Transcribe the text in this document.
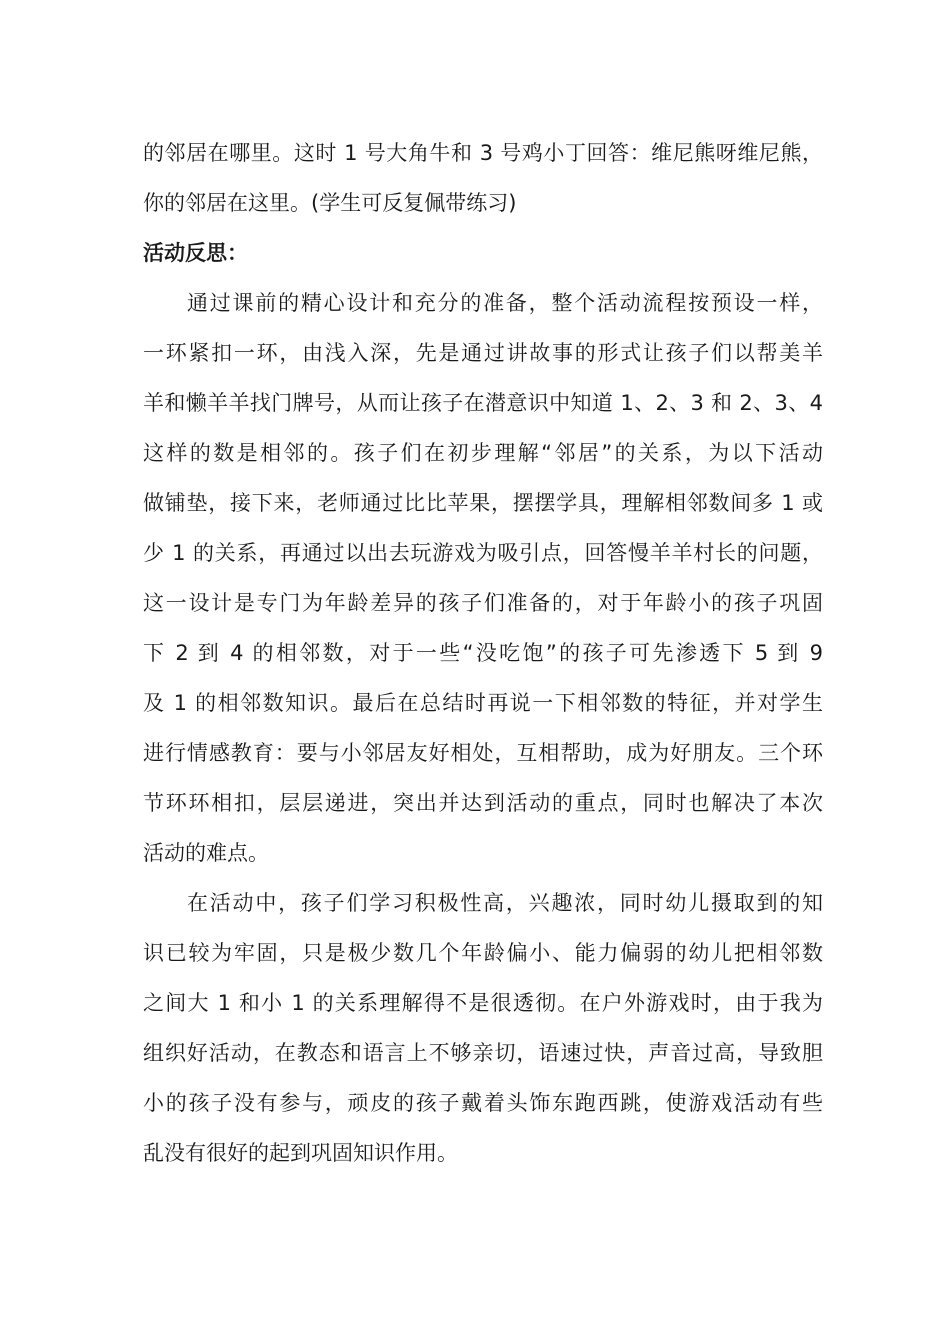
的邻居在哪里。这时 1 号大角牛和 3 号鸡小丁回答：维尼熊呀维尼熊，
你的邻居在这里。(学生可反复佩带练习)
活动反思：
通过课前的精心设计和充分的准备，整个活动流程按预设一样，
一环紧扣一环，由浅入深，先是通过讲故事的形式让孩子们以帮美羊
羊和懒羊羊找门牌号，从而让孩子在潜意识中知道 1、2、3 和 2、3、4
这样的数是相邻的。孩子们在初步理解“邻居”的关系，为以下活动
做铺垫，接下来，老师通过比比苹果，摆摆学具，理解相邻数间多 1 或
少 1 的关系，再通过以出去玩游戏为吸引点，回答慢羊羊村长的问题，
这一设计是专门为年龄差异的孩子们准备的，对于年龄小的孩子巩固
下 2 到 4 的相邻数，对于一些“没吃饱”的孩子可先渗透下 5 到 9
及 1 的相邻数知识。最后在总结时再说一下相邻数的特征，并对学生
进行情感教育：要与小邻居友好相处，互相帮助，成为好朋友。三个环
节环环相扣，层层递进，突出并达到活动的重点，同时也解决了本次
活动的难点。
在活动中，孩子们学习积极性高，兴趣浓，同时幼儿摄取到的知
识已较为牢固，只是极少数几个年龄偏小、能力偏弱的幼儿把相邻数
之间大 1 和小 1 的关系理解得不是很透彻。在户外游戏时，由于我为
组织好活动，在教态和语言上不够亲切，语速过快，声音过高，导致胆
小的孩子没有参与，顽皮的孩子戴着头饰东跑西跳，使游戏活动有些
乱没有很好的起到巩固知识作用。
